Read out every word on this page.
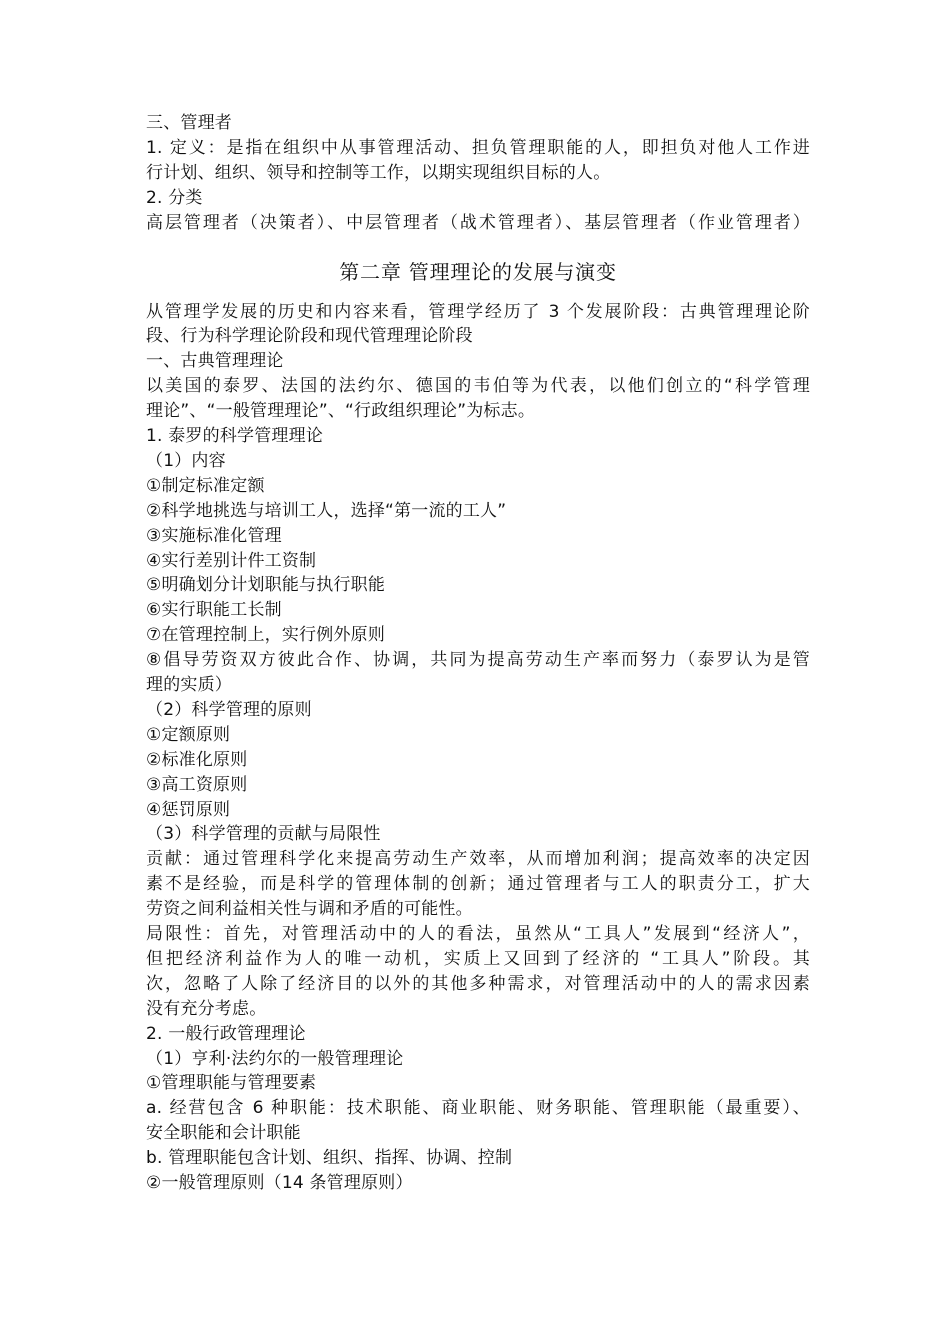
三、管理者
1. 定义：是指在组织中从事管理活动、担负管理职能的人，即担负对他人工作进
行计划、组织、领导和控制等工作，以期实现组织目标的人。
2. 分类
高层管理者（决策者）、中层管理者（战术管理者）、基层管理者（作业管理者）
第二章 管理理论的发展与演变
从管理学发展的历史和内容来看，管理学经历了 3 个发展阶段：古典管理理论阶
段、行为科学理论阶段和现代管理理论阶段
一、古典管理理论
以美国的泰罗、法国的法约尔、德国的韦伯等为代表，以他们创立的“科学管理
理论”、“一般管理理论”、“行政组织理论”为标志。
1. 泰罗的科学管理理论
（1）内容
①制定标准定额
②科学地挑选与培训工人，选择“第一流的工人”
③实施标准化管理
④实行差别计件工资制
⑤明确划分计划职能与执行职能
⑥实行职能工长制
⑦在管理控制上，实行例外原则
⑧倡导劳资双方彼此合作、协调，共同为提高劳动生产率而努力（泰罗认为是管
理的实质）
（2）科学管理的原则
①定额原则
②标准化原则
③高工资原则
④惩罚原则
（3）科学管理的贡献与局限性
贡献：通过管理科学化来提高劳动生产效率，从而增加利润；提高效率的决定因
素不是经验，而是科学的管理体制的创新；通过管理者与工人的职责分工，扩大
劳资之间利益相关性与调和矛盾的可能性。
局限性：首先，对管理活动中的人的看法，虽然从“工具人”发展到“经济人”，
但把经济利益作为人的唯一动机，实质上又回到了经济的 “工具人”阶段。其
次，忽略了人除了经济目的以外的其他多种需求，对管理活动中的人的需求因素
没有充分考虑。
2. 一般行政管理理论
（1）亨利·法约尔的一般管理理论
①管理职能与管理要素
a. 经营包含 6 种职能：技术职能、商业职能、财务职能、管理职能（最重要）、
安全职能和会计职能
b. 管理职能包含计划、组织、指挥、协调、控制
②一般管理原则（14 条管理原则）
